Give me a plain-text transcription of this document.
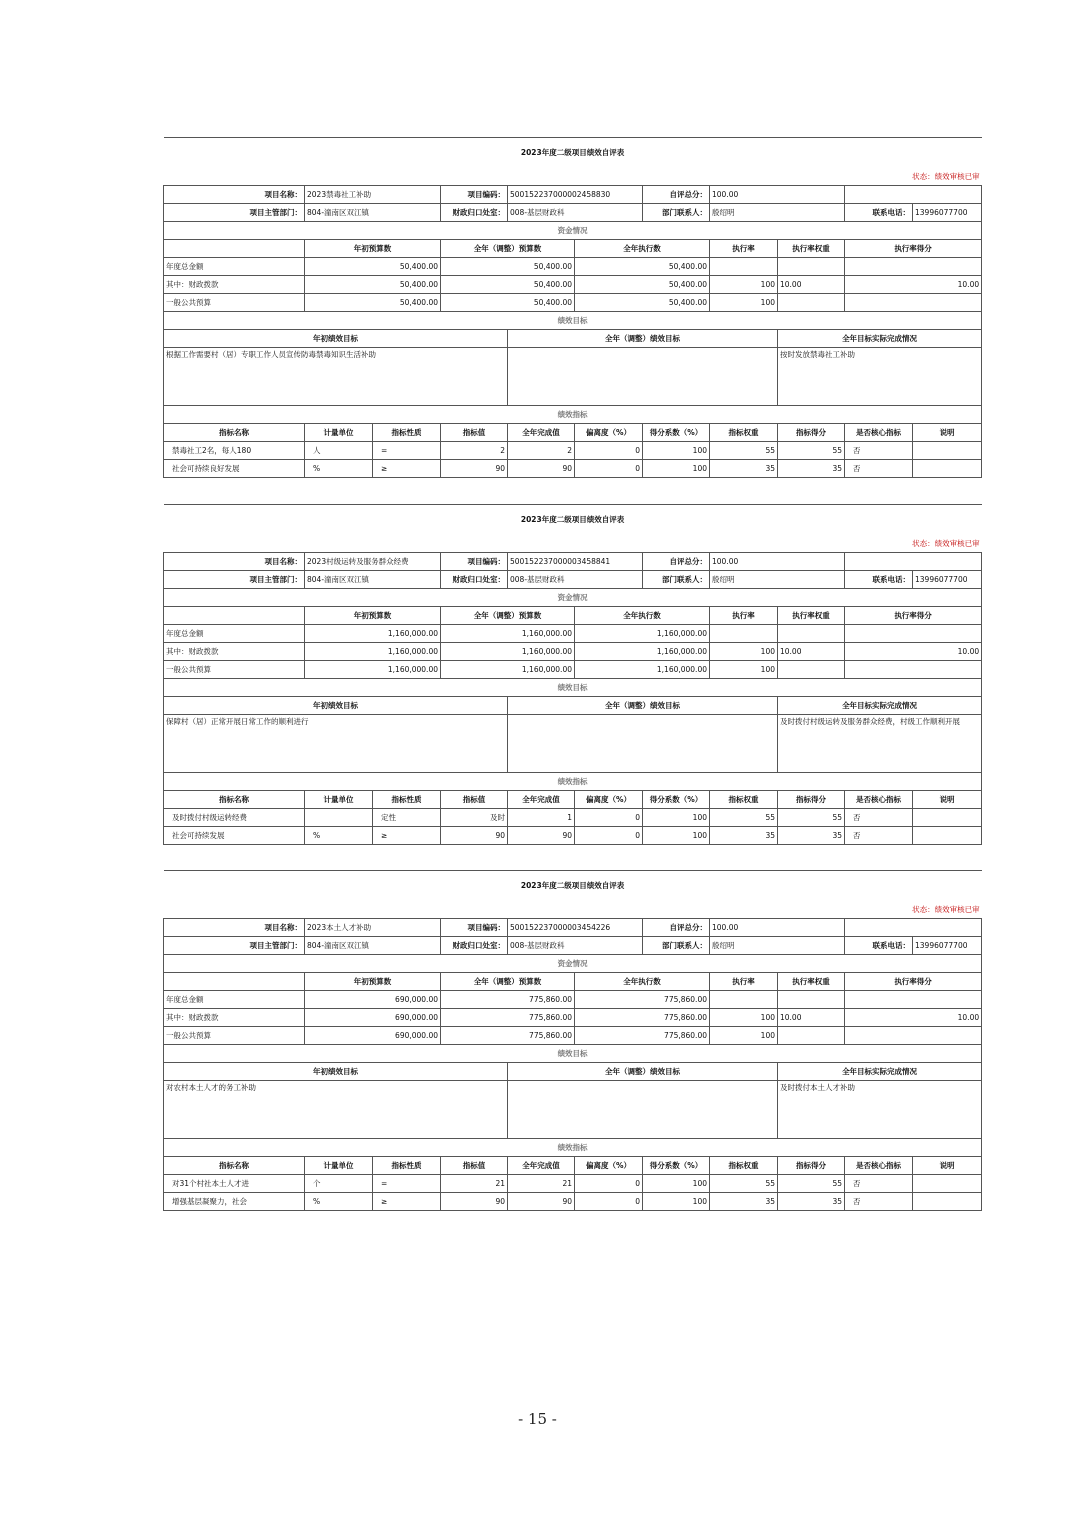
2023年度二级项目绩效自评表										
状态：绩效审核已审										
项目名称：	2023禁毒社工补助		项目编码：	500152237000002458830		自评总分：	100.00			
项目主管部门：	804-潼南区双江镇		财政归口处室：	008-基层财政科		部门联系人：	殷绍明		联系电话：	13996077700
资金情况										
	年初预算数		全年（调整）预算数		全年执行数		执行率	执行率权重	执行率得分	
年度总金额	50,400.00		50,400.00		50,400.00					
其中：财政拨款	50,400.00		50,400.00		50,400.00		100	10.00	10.00	
一般公共预算	50,400.00		50,400.00		50,400.00		100			
绩效目标										
年初绩效目标				全年（调整）绩效目标				全年目标实际完成情况		
根据工作需要村（居）专职工作人员宣传防毒禁毒知识生活补助								按时发放禁毒社工补助		
绩效指标										
指标名称	计量单位	指标性质	指标值	全年完成值	偏离度（%）	得分系数（%）	指标权重	指标得分	是否核心指标	说明
禁毒社工2名，每人180	人	=	2	2	0	100	55	55	否	
社会可持续良好发展	%	≥	90	90	0	100	35	35	否	
2023年度二级项目绩效自评表										
状态：绩效审核已审										
项目名称：	2023村级运转及服务群众经费		项目编码：	500152237000003458841		自评总分：	100.00			
项目主管部门：	804-潼南区双江镇		财政归口处室：	008-基层财政科		部门联系人：	殷绍明		联系电话：	13996077700
资金情况										
	年初预算数		全年（调整）预算数		全年执行数		执行率	执行率权重	执行率得分	
年度总金额	1,160,000.00		1,160,000.00		1,160,000.00					
其中：财政拨款	1,160,000.00		1,160,000.00		1,160,000.00		100	10.00	10.00	
一般公共预算	1,160,000.00		1,160,000.00		1,160,000.00		100			
绩效目标										
年初绩效目标				全年（调整）绩效目标				全年目标实际完成情况		
保障村（居）正常开展日常工作的顺利进行								及时拨付村级运转及服务群众经费，村级工作顺利开展		
绩效指标										
指标名称	计量单位	指标性质	指标值	全年完成值	偏离度（%）	得分系数（%）	指标权重	指标得分	是否核心指标	说明
及时拨付村级运转经费		定性	及时	1	0	100	55	55	否	
社会可持续发展	%	≥	90	90	0	100	35	35	否	
2023年度二级项目绩效自评表										
状态：绩效审核已审										
项目名称：	2023本土人才补助		项目编码：	500152237000003454226		自评总分：	100.00			
项目主管部门：	804-潼南区双江镇		财政归口处室：	008-基层财政科		部门联系人：	殷绍明		联系电话：	13996077700
资金情况										
	年初预算数		全年（调整）预算数		全年执行数		执行率	执行率权重	执行率得分	
年度总金额	690,000.00		775,860.00		775,860.00					
其中：财政拨款	690,000.00		775,860.00		775,860.00		100	10.00	10.00	
一般公共预算	690,000.00		775,860.00		775,860.00		100			
绩效目标										
年初绩效目标				全年（调整）绩效目标				全年目标实际完成情况		
对农村本土人才的务工补助								及时拨付本土人才补助		
绩效指标										
指标名称	计量单位	指标性质	指标值	全年完成值	偏离度（%）	得分系数（%）	指标权重	指标得分	是否核心指标	说明
对31个村社本土人才进	个	=	21	21	0	100	55	55	否	
增强基层凝聚力，社会	%	≥	90	90	0	100	35	35	否	
- 15 -
